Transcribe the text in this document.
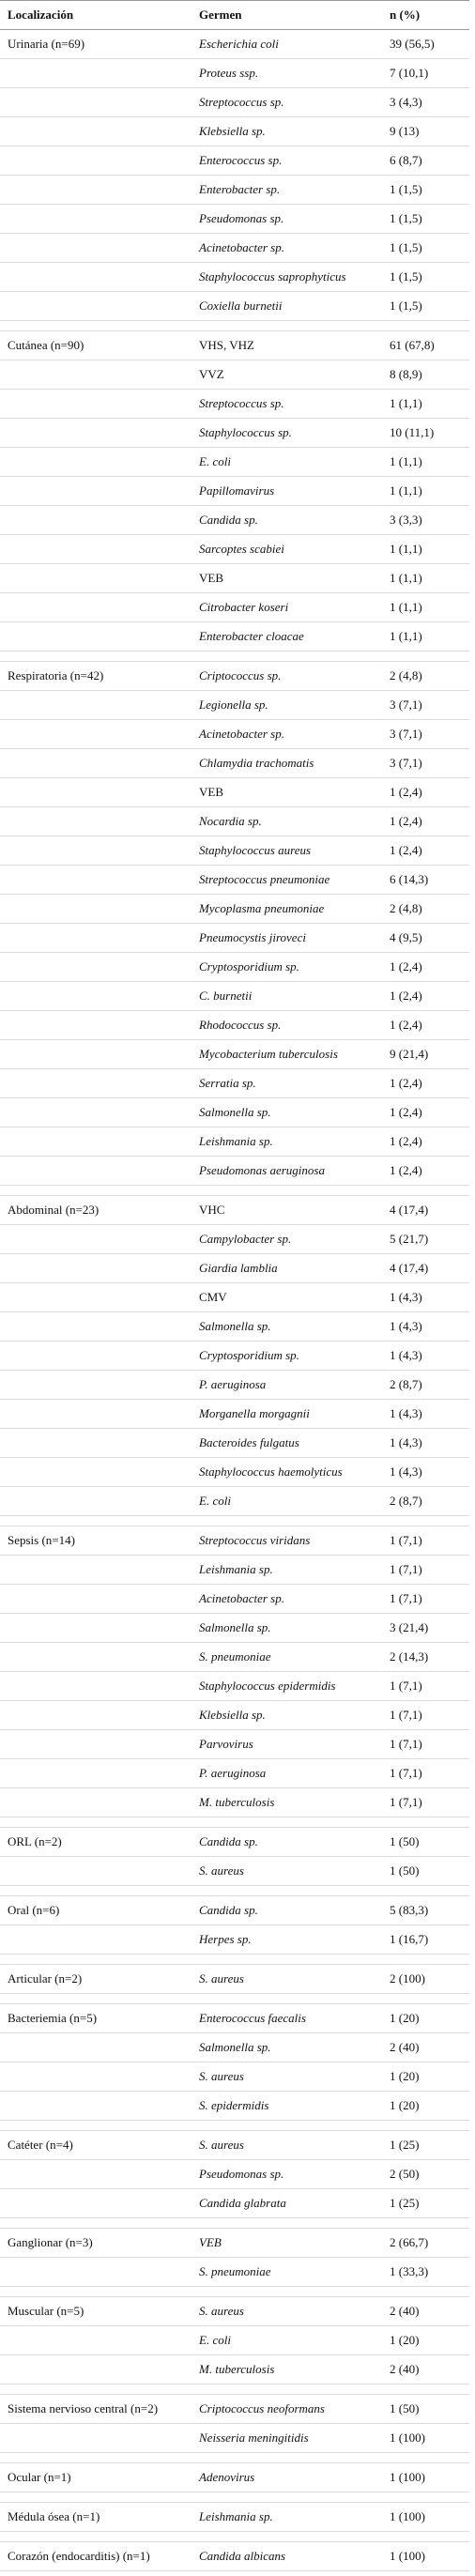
Localización	Germen	n (%)
Urinaria (n=69)	Escherichia coli	39 (56,5)
	Proteus ssp.	7 (10,1)
	Streptococcus sp.	3 (4,3)
	Klebsiella sp.	9 (13)
	Enterococcus sp.	6 (8,7)
	Enterobacter sp.	1 (1,5)
	Pseudomonas sp.	1 (1,5)
	Acinetobacter sp.	1 (1,5)
	Staphylococcus saprophyticus	1 (1,5)
	Coxiella burnetii	1 (1,5)

Cutánea (n=90)	VHS, VHZ	61 (67,8)
	VVZ	8 (8,9)
	Streptococcus sp.	1 (1,1)
	Staphylococcus sp.	10 (11,1)
	E. coli	1 (1,1)
	Papillomavirus	1 (1,1)
	Candida sp.	3 (3,3)
	Sarcoptes scabiei	1 (1,1)
	VEB	1 (1,1)
	Citrobacter koseri	1 (1,1)
	Enterobacter cloacae	1 (1,1)

Respiratoria (n=42)	Criptococcus sp.	2 (4,8)
	Legionella sp.	3 (7,1)
	Acinetobacter sp.	3 (7,1)
	Chlamydia trachomatis	3 (7,1)
	VEB	1 (2,4)
	Nocardia sp.	1 (2,4)
	Staphylococcus aureus	1 (2,4)
	Streptococcus pneumoniae	6 (14,3)
	Mycoplasma pneumoniae	2 (4,8)
	Pneumocystis jiroveci	4 (9,5)
	Cryptosporidium sp.	1 (2,4)
	C. burnetii	1 (2,4)
	Rhodococcus sp.	1 (2,4)
	Mycobacterium tuberculosis	9 (21,4)
	Serratia sp.	1 (2,4)
	Salmonella sp.	1 (2,4)
	Leishmania sp.	1 (2,4)
	Pseudomonas aeruginosa	1 (2,4)

Abdominal (n=23)	VHC	4 (17,4)
	Campylobacter sp.	5 (21,7)
	Giardia lamblia	4 (17,4)
	CMV	1 (4,3)
	Salmonella sp.	1 (4,3)
	Cryptosporidium sp.	1 (4,3)
	P. aeruginosa	2 (8,7)
	Morganella morgagnii	1 (4,3)
	Bacteroides fulgatus	1 (4,3)
	Staphylococcus haemolyticus	1 (4,3)
	E. coli	2 (8,7)

Sepsis (n=14)	Streptococcus viridans	1 (7,1)
	Leishmania sp.	1 (7,1)
	Acinetobacter sp.	1 (7,1)
	Salmonella sp.	3 (21,4)
	S. pneumoniae	2 (14,3)
	Staphylococcus epidermidis	1 (7,1)
	Klebsiella sp.	1 (7,1)
	Parvovirus	1 (7,1)
	P. aeruginosa	1 (7,1)
	M. tuberculosis	1 (7,1)

ORL (n=2)	Candida sp.	1 (50)
	S. aureus	1 (50)

Oral (n=6)	Candida sp.	5 (83,3)
	Herpes sp.	1 (16,7)

Articular (n=2)	S. aureus	2 (100)

Bacteriemia (n=5)	Enterococcus faecalis	1 (20)
	Salmonella sp.	2 (40)
	S. aureus	1 (20)
	S. epidermidis	1 (20)

Catéter (n=4)	S. aureus	1 (25)
	Pseudomonas sp.	2 (50)
	Candida glabrata	1 (25)

Ganglionar (n=3)	VEB	2 (66,7)
	S. pneumoniae	1 (33,3)

Muscular (n=5)	S. aureus	2 (40)
	E. coli	1 (20)
	M. tuberculosis	2 (40)

Sistema nervioso central (n=2)	Criptococcus neoformans	1 (50)
	Neisseria meningitidis	1 (100)

Ocular (n=1)	Adenovirus	1 (100)

Médula ósea (n=1)	Leishmania sp.	1 (100)

Corazón (endocarditis) (n=1)	Candida albicans	1 (100)
